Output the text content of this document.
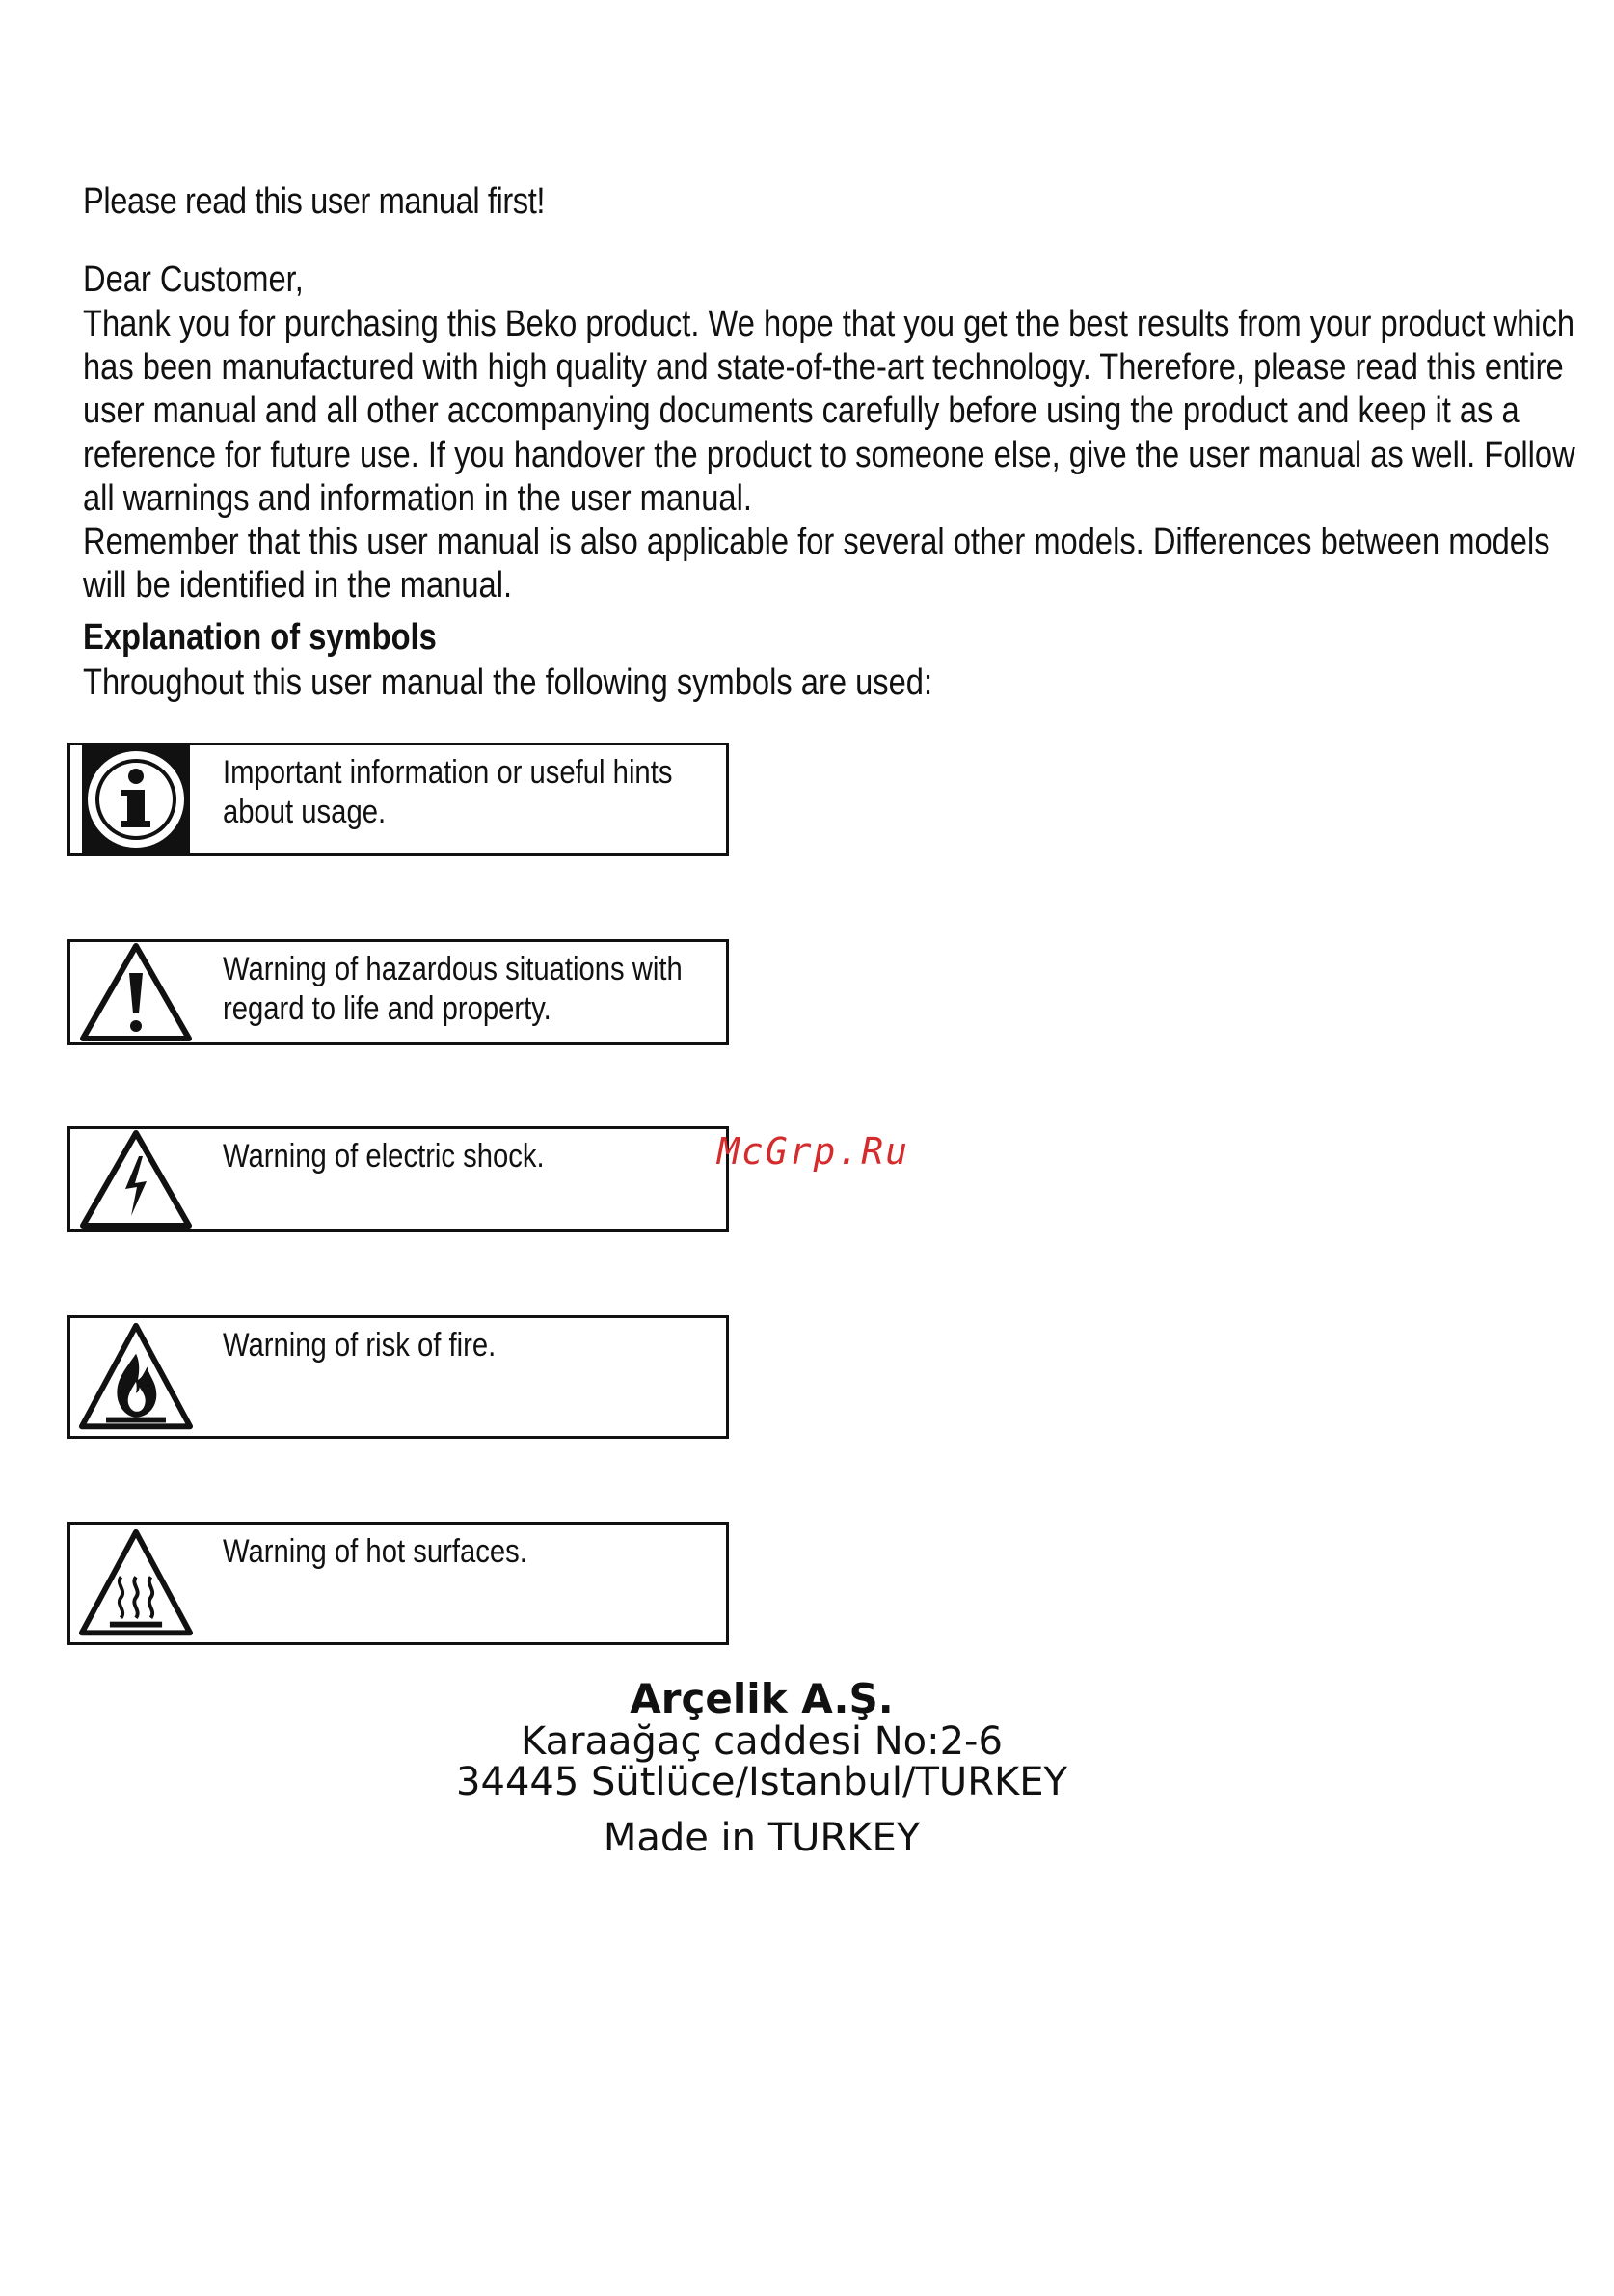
Please read this user manual first!
Dear Customer,

Thank you for purchasing this Beko product. We hope that you get the best results from your product which has been manufactured with high quality and state-of-the-art technology. Therefore, please read this entire user manual and all other accompanying documents carefully before using the product and keep it as a reference for future use. If you handover the product to someone else, give the user manual as well. Follow all warnings and information in the user manual.

Remember that this user manual is also applicable for several other models. Differences between models will be identified in the manual.

Explanation of symbols
Throughout this user manual the following symbols are used:
Important information or useful hints about usage.
Warning of hazardous situations with regard to life and property.
Warning of electric shock.
Warning of risk of fire.
Warning of hot surfaces.
McGrp.Ru
Arçelik A.Ş.
Karaağaç caddesi No:2-6
34445 Sütlüce/Istanbul/TURKEY
Made in TURKEY
